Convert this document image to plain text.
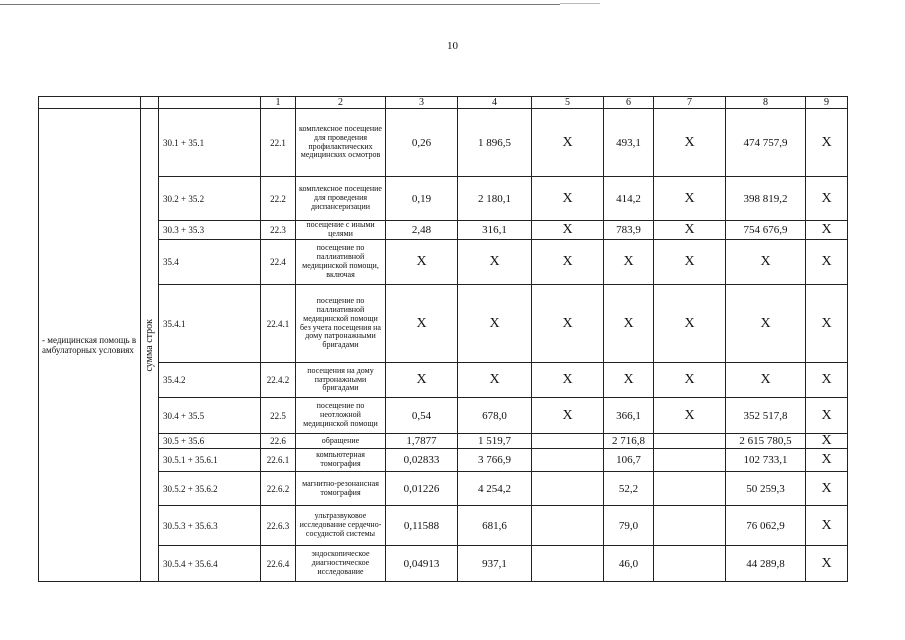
10
			1	2	3	4	5	6	7	8	9
- медицинская помощь в амбулаторных условиях	сумма строк	30.1 + 35.1	22.1	комплексное посещение для проведения профилактических медицинских осмотров	0,26	1 896,5	X	493,1	X	474 757,9	X
		30.2 + 35.2	22.2	комплексное посещение для проведения диспансеризации	0,19	2 180,1	X	414,2	X	398 819,2	X
		30.3 + 35.3	22.3	посещение с иными целями	2,48	316,1	X	783,9	X	754 676,9	X
		35.4	22.4	посещение по паллиативной медицинской помощи, включая	X	X	X	X	X	X	X
		35.4.1	22.4.1	посещение по паллиативной медицинской помощи без учета посещения на дому патронажными бригадами	X	X	X	X	X	X	X
		35.4.2	22.4.2	посещения на дому патронажными бригадами	X	X	X	X	X	X	X
		30.4 + 35.5	22.5	посещение по неотложной медицинской помощи	0,54	678,0	X	366,1	X	352 517,8	X
		30.5 + 35.6	22.6	обращение	1,7877	1 519,7		2 716,8		2 615 780,5	X
		30.5.1 + 35.6.1	22.6.1	компьютерная томография	0,02833	3 766,9		106,7		102 733,1	X
		30.5.2 + 35.6.2	22.6.2	магнитно-резонансная томография	0,01226	4 254,2		52,2		50 259,3	X
		30.5.3 + 35.6.3	22.6.3	ультразвуковое исследование сердечно-сосудистой системы	0,11588	681,6		79,0		76 062,9	X
		30.5.4 + 35.6.4	22.6.4	эндоскопическое диагностическое исследование	0,04913	937,1		46,0		44 289,8	X
